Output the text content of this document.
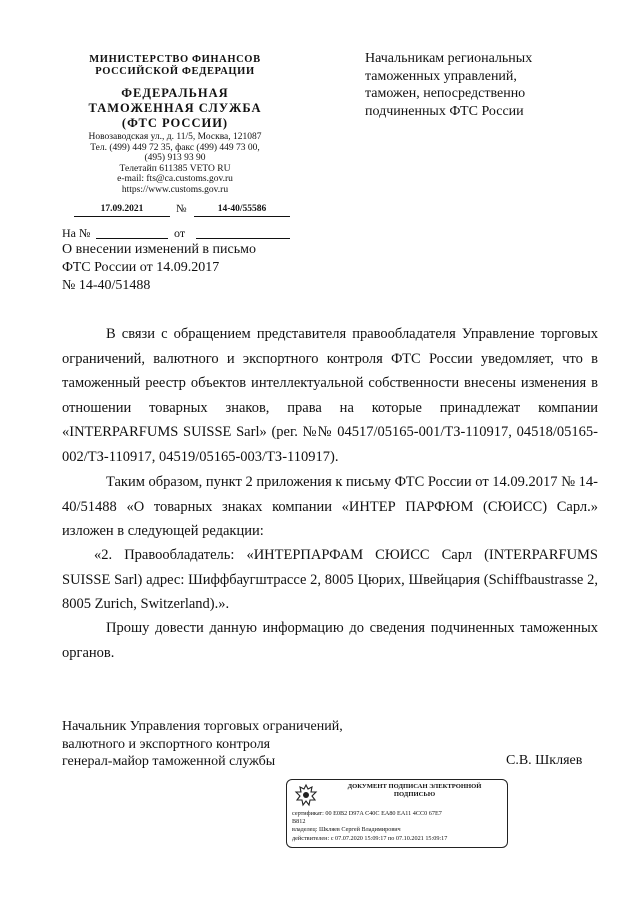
МИНИСТЕРСТВО ФИНАНСОВ
РОССИЙСКОЙ ФЕДЕРАЦИИ
ФЕДЕРАЛЬНАЯ
ТАМОЖЕННАЯ СЛУЖБА
(ФТС РОССИИ)
Новозаводская ул., д. 11/5, Москва, 121087
Тел. (499) 449 72 35, факс (499) 449 73 00,
(495) 913 93 90
Телетайп 611385 VETO RU
e-mail: fts@ca.customs.gov.ru
https://www.customs.gov.ru
17.09.2021	№	14-40/55586
На №	от
О внесении изменений в письмо
ФТС России от 14.09.2017
№ 14-40/51488
Начальникам региональных
таможенных управлений,
таможен, непосредственно
подчиненных ФТС России

В связи с обращением представителя правообладателя Управление торговых ограничений, валютного и экспортного контроля ФТС России уведомляет, что в таможенный реестр объектов интеллектуальной собственности внесены изменения в отношении товарных знаков, права на которые принадлежат компании «INTERPARFUMS SUISSE Sarl» (рег. №№ 04517/05165-001/ТЗ-110917, 04518/05165-002/ТЗ-110917, 04519/05165-003/ТЗ-110917).

Таким образом, пункт 2 приложения к письму ФТС России от 14.09.2017 № 14-40/51488 «О товарных знаках компании «ИНТЕР ПАРФЮМ (СЮИСС) Сарл.» изложен в следующей редакции:

«2. Правообладатель: «ИНТЕРПАРФАМ СЮИСС Сарл (INTERPARFUMS SUISSE Sarl) адрес: Шиффбаугштрассе 2, 8005 Цюрих, Швейцария (Schiffbaustrasse 2, 8005 Zurich, Switzerland).».

Прошу довести данную информацию до сведения подчиненных таможенных органов.

Начальник Управления торговых ограничений,
валютного и экспортного контроля
генерал-майор таможенной службы	С.В. Шкляев
ДОКУМЕНТ ПОДПИСАН ЭЛЕКТРОННОЙ
ПОДПИСЬЮ
сертификат: 00 E0B2 D97A C40C EA80 EA11 4CC0 67E7
B812
владелец: Шкляев Сергей Владимирович
действителен: с 07.07.2020 15:09:17 по 07.10.2021 15:09:17
